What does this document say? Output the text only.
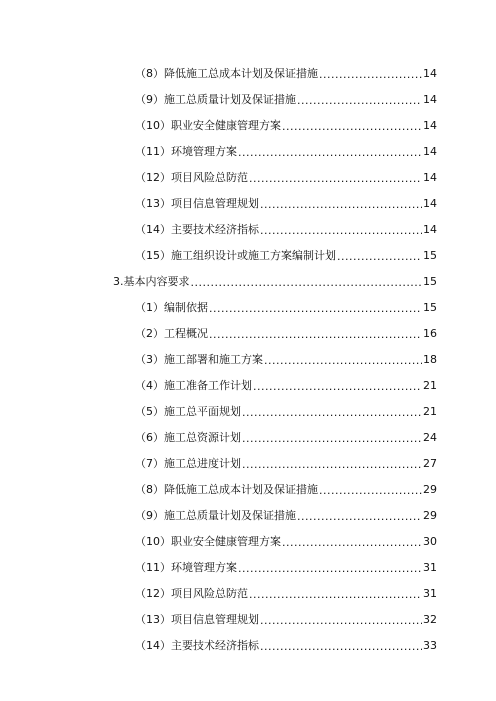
（8）降低施工总成本计划及保证措施 .....	14
（9）施工总质量计划及保证措施 .....	14
（10）职业安全健康管理方案 .....	14
（11）环境管理方案 .....	14
（12）项目风险总防范 .....	14
（13）项目信息管理规划 .....	14
（14）主要技术经济指标 .....	14
（15）施工组织设计或施工方案编制计划 .....	15
3.基本内容要求 .....	15
（1）编制依据 .....	15
（2）工程概况 .....	16
（3）施工部署和施工方案 .....	18
（4）施工准备工作计划 .....	21
（5）施工总平面规划 .....	21
（6）施工总资源计划 .....	24
（7）施工总进度计划 .....	27
（8）降低施工总成本计划及保证措施 .....	29
（9）施工总质量计划及保证措施 .....	29
（10）职业安全健康管理方案 .....	30
（11）环境管理方案 .....	31
（12）项目风险总防范 .....	31
（13）项目信息管理规划 .....	32
（14）主要技术经济指标 .....	33
